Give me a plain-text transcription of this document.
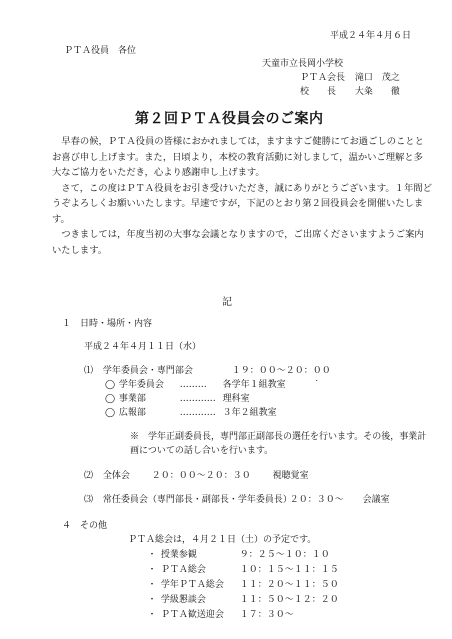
平成２４年４月６日
ＰＴＡ役員　各位
天童市立長岡小学校
ＰＴＡ会長 滝口　茂之
校　　長 大粂　　徹
第２回ＰＴＡ役員会のご案内

早春の候，ＰＴＡ役員の皆様におかれましては，ますますご健勝にてお過ごしのこととお喜び申し上げます。また，日頃より，本校の教育活動に対しまして，温かいご理解と多大なご協力をいただき，心より感謝申し上げます。

さて，この度はＰＴＡ役員をお引き受けいただき，誠にありがとうございます。１年間どうぞよろしくお願いいたします。早速ですが，下記のとおり第２回役員会を開催いたします。

つきましては，年度当初の大事な会議となりますので，ご出席くださいますようご案内いたします。

記
１　日時・場所・内容
平成２４年４月１１日（水）
⑴ 学年委員会・専門部会	１９：００〜２０：００
◯ 学年委員会 ……… 各学年１組教室	˙
◯ 事業部	………… 理科室
◯ 広報部	………… ３年２組教室
※　学年正副委員長，専門部正副部長の選任を行います。その後，事業計画についての話し合いを行います。
⑵ 全体会 ２０：００〜２０：３０ 視聴覚室
⑶ 常任委員会（専門部長・副部長・学年委員長） ２０：３０〜 会議室
４　その他
ＰＴＡ総会は，４月２１日（土）の予定です。
・ 授業参観	９：２５〜１０：１０
・ ＰＴＡ総会	１０：１５〜１１：１５
・ 学年ＰＴＡ総会 １１：２０〜１１：５０
・ 学級懇談会	１１：５０〜１２：２０
・ ＰＴＡ歓送迎会 １７：３０〜
